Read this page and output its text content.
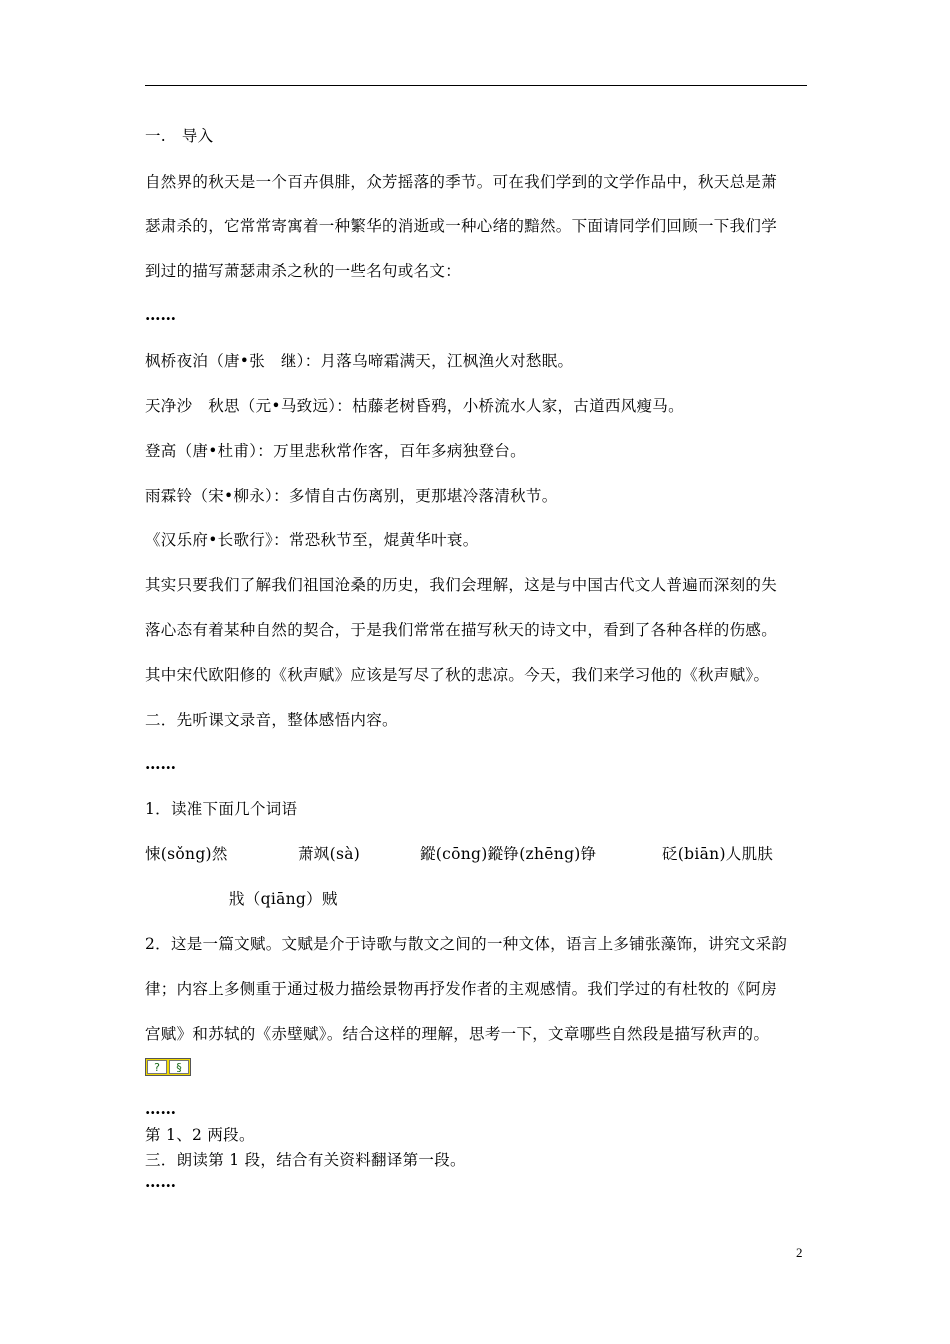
一.　导入
自然界的秋天是一个百卉俱腓，众芳摇落的季节。可在我们学到的文学作品中，秋天总是萧
瑟肃杀的，它常常寄寓着一种繁华的消逝或一种心绪的黯然。下面请同学们回顾一下我们学
到过的描写萧瑟肃杀之秋的一些名句或名文：
……
枫桥夜泊（唐•张　继）：月落乌啼霜满天，江枫渔火对愁眠。
天净沙　秋思（元•马致远）：枯藤老树昏鸦，小桥流水人家，古道西风瘦马。
登高（唐•杜甫）：万里悲秋常作客，百年多病独登台。
雨霖铃（宋•柳永）：多情自古伤离别，更那堪冷落清秋节。
《汉乐府•长歌行》：常恐秋节至，焜黄华叶衰。
其实只要我们了解我们祖国沧桑的历史，我们会理解，这是与中国古代文人普遍而深刻的失
落心态有着某种自然的契合，于是我们常常在描写秋天的诗文中，看到了各种各样的伤感。
其中宋代欧阳修的《秋声赋》应该是写尽了秋的悲凉。今天，我们来学习他的《秋声赋》。
二．先听课文录音，整体感悟内容。
……
1．读准下面几个词语
悚(sǒng)然	萧飒(sà)	鏦(cōng)鏦铮(zhēng)铮	砭(biān)人肌肤
戕（qiāng）贼
2．这是一篇文赋。文赋是介于诗歌与散文之间的一种文体，语言上多铺张藻饰，讲究文采韵
律；内容上多侧重于通过极力描绘景物再抒发作者的主观感情。我们学过的有杜牧的《阿房
宫赋》和苏轼的《赤壁赋》。结合这样的理解，思考一下，文章哪些自然段是描写秋声的。
?	§
……
第 1、2 两段。
三．朗读第 1 段，结合有关资料翻译第一段。
……
2
